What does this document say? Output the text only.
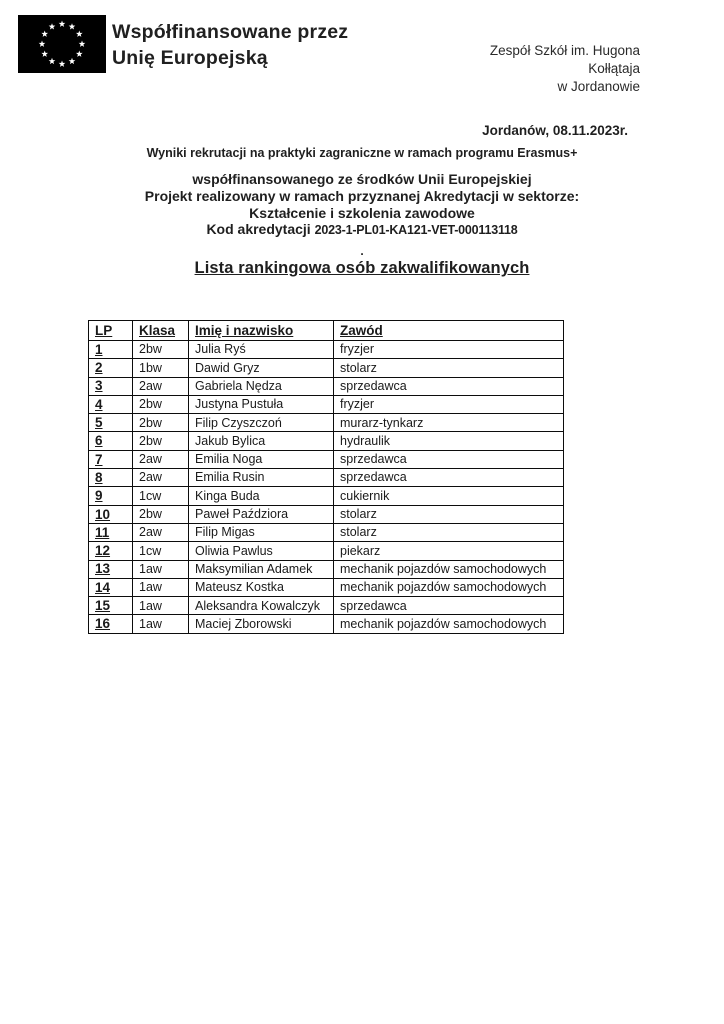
Współfinansowane przez
Unię Europejską	Zespół Szkół im. Hugona
Kołłątaja
w Jordanowie
Jordanów, 08.11.2023r.
Wyniki rekrutacji na praktyki zagraniczne w ramach programu Erasmus+
współfinansowanego ze środków Unii Europejskiej
Projekt realizowany w ramach przyznanej Akredytacji w sektorze:
Kształcenie i szkolenia zawodowe
Kod akredytacji 2023-1-PL01-KA121-VET-000113118
.
Lista rankingowa osób zakwalifikowanych
LP	Klasa	Imię i nazwisko	Zawód
1	2bw	Julia Ryś	fryzjer
2	1bw	Dawid Gryz	stolarz
3	2aw	Gabriela Nędza	sprzedawca
4	2bw	Justyna Pustuła	fryzjer
5	2bw	Filip Czyszczoń	murarz-tynkarz
6	2bw	Jakub Bylica	hydraulik
7	2aw	Emilia Noga	sprzedawca
8	2aw	Emilia Rusin	sprzedawca
9	1cw	Kinga Buda	cukiernik
10	2bw	Paweł Paździora	stolarz
11	2aw	Filip Migas	stolarz
12	1cw	Oliwia Pawlus	piekarz
13	1aw	Maksymilian Adamek	mechanik pojazdów samochodowych
14	1aw	Mateusz Kostka	mechanik pojazdów samochodowych
15	1aw	Aleksandra Kowalczyk	sprzedawca
16	1aw	Maciej Zborowski	mechanik pojazdów samochodowych
